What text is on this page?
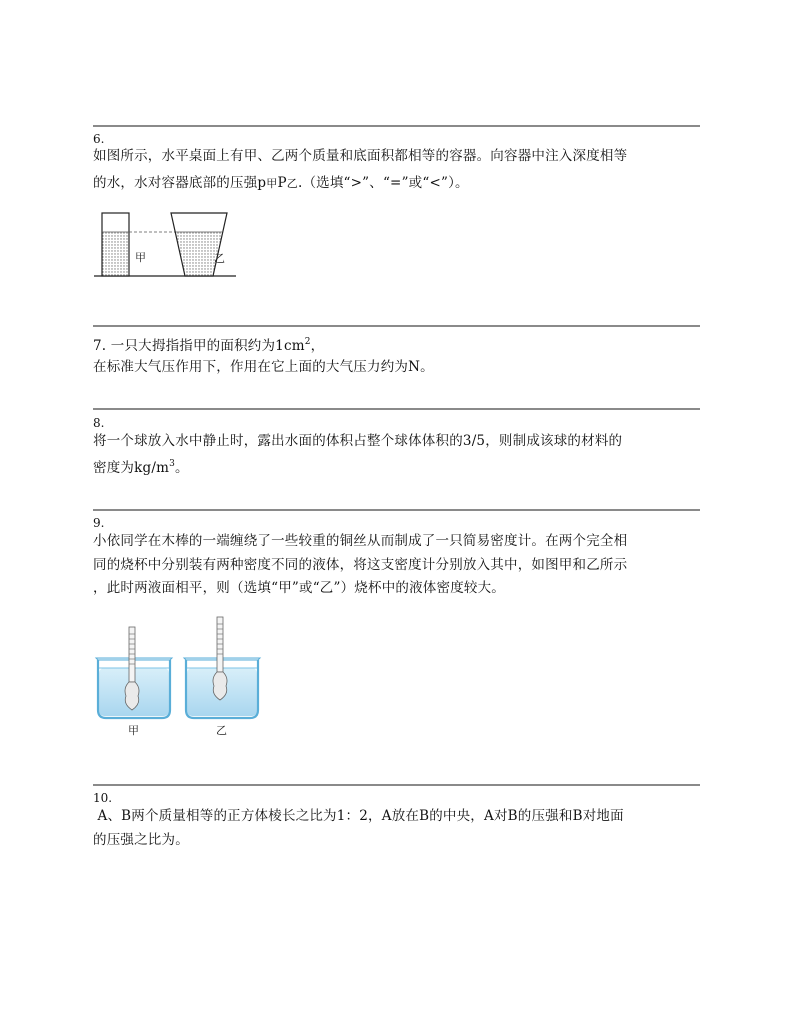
6.
如图所示，水平桌面上有甲、乙两个质量和底面积都相等的容器。向容器中注入深度相等
的水，水对容器底部的压强p甲P乙.（选填“>”、“=”或“<”）。
甲	乙
7. 一只大拇指指甲的面积约为$1cm^2$，
在标准大气压作用下，作用在它上面的大气压力约为N。
8.
将一个球放入水中静止时，露出水面的体积占整个球体体积的3/5，则制成该球的材料的
密度为$kg/m^3$。
9.
小依同学在木棒的一端缠绕了一些较重的铜丝从而制成了一只简易密度计。在两个完全相
同的烧杯中分别装有两种密度不同的液体，将这支密度计分别放入其中，如图甲和乙所示
，此时两液面相平，则（选填“甲”或“乙”）烧杯中的液体密度较大。
甲	乙
10.
A、B两个质量相等的正方体棱长之比为1：2，A放在B的中央，A对B的压强和B对地面
的压强之比为。
